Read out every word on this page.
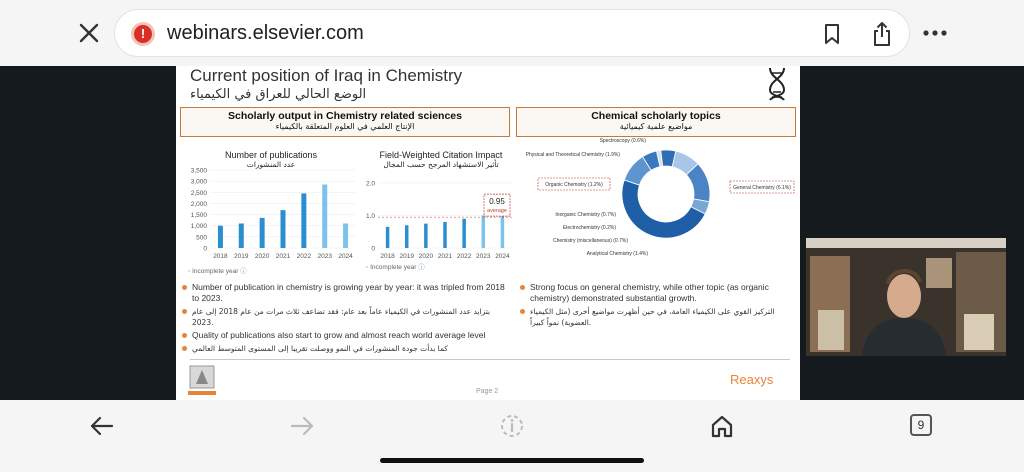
!	webinars.elsevier.com
Current position of Iraq in Chemistry
الوضع الحالي للعراق في الكيمياء
Scholarly output in Chemistry related sciences
الإنتاج العلمي في العلوم المتعلقة بالكيمياء
Chemical scholarly topics
مواضيع علمية كيميائية
Number of publications
عدد المنشورات
3,500
3,000
2,500
2,000
1,500
1,000
500
0
2018 2019 2020 2021 2022 2023 2024
◦ Incomplete year ⓘ
Field-Weighted Citation Impact
تأثير الاستشهاد المرجح حسب المجال
2.0
1.0
0
2018 2019 2020 2021 2022 2023 2024
0.95
average
◦ Incomplete year ⓘ
General Chemistry (6.1%)
Spectroscopy (0.6%)
Physical and Theoretical Chemistry (1.9%)
Organic Chemistry (1.2%)
Inorganic Chemistry (0.7%)
Electrochemistry (0.2%)
Chemistry (miscellaneous) (0.7%)
Analytical Chemistry (1.4%)
Number of publication in chemistry is growing year by year: it was tripled from 2018 to 2023.
بتزايد عدد المنشورات في الكيمياء عاماً بعد عام: فقد تضاعف ثلاث مرات من عام 2018 إلى عام 2023.
Quality of publications also start to grow and almost reach world average level
كما بدأت جودة المنشورات في النمو ووصلت تقريبا إلى المستوى المتوسط العالمي
Strong focus on general chemistry, while other topic (as organic chemistry) demonstrated substantial growth.
التركيز القوي على الكيمياء العامة، في حين أظهرت مواضيع أخرى (مثل الكيمياء العضوية) نمواً كبيراً.
Page 2
Reaxys
9
